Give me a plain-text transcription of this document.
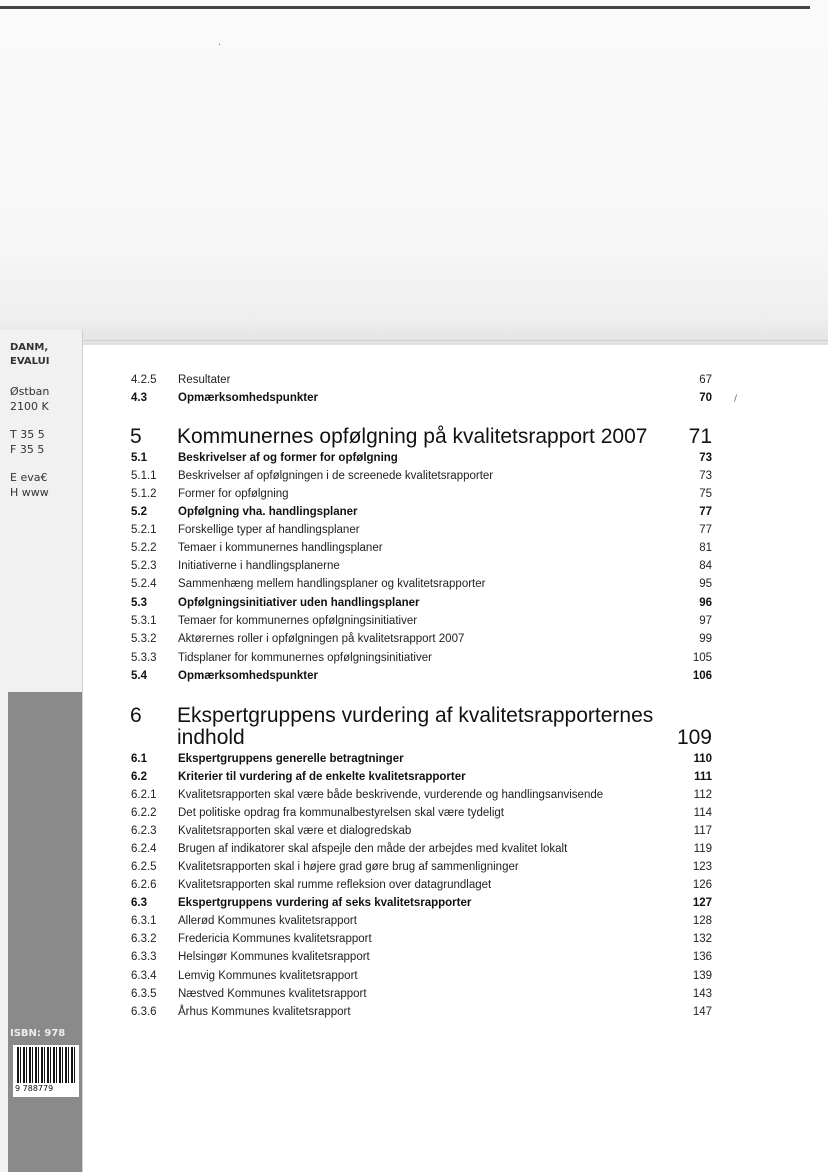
·
DANM,
EVALUI
Østban
2100 K
T 35 5
F 35 5
E eva€
H www
ISBN: 978
9 788779
4.2.5 Resultater	67
4.3	Opmærksomhedspunkter	70 /
5 Kommunernes opfølgning på kvalitetsrapport 2007 71
5.1	Beskrivelser af og former for opfølgning	73
5.1.1 Beskrivelser af opfølgningen i de screenede kvalitetsrapporter	73
5.1.2 Former for opfølgning	75
5.2	Opfølgning vha. handlingsplaner	77
5.2.1 Forskellige typer af handlingsplaner	77
5.2.2 Temaer i kommunernes handlingsplaner	81
5.2.3 Initiativerne i handlingsplanerne	84
5.2.4 Sammenhæng mellem handlingsplaner og kvalitetsrapporter	95
5.3	Opfølgningsinitiativer uden handlingsplaner	96
5.3.1 Temaer for kommunernes opfølgningsinitiativer	97
5.3.2 Aktørernes roller i opfølgningen på kvalitetsrapport 2007	99
5.3.3 Tidsplaner for kommunernes opfølgningsinitiativer	105
5.4	Opmærksomhedspunkter	106
6 Ekspertgruppens vurdering af kvalitetsrapporternes
indhold	109
6.1	Ekspertgruppens generelle betragtninger	110
6.2	Kriterier til vurdering af de enkelte kvalitetsrapporter	111
6.2.1 Kvalitetsrapporten skal være både beskrivende, vurderende og handlingsanvisende	112
6.2.2 Det politiske opdrag fra kommunalbestyrelsen skal være tydeligt	114
6.2.3 Kvalitetsrapporten skal være et dialogredskab	117
6.2.4 Brugen af indikatorer skal afspejle den måde der arbejdes med kvalitet lokalt	119
6.2.5 Kvalitetsrapporten skal i højere grad gøre brug af sammenligninger	123
6.2.6 Kvalitetsrapporten skal rumme refleksion over datagrundlaget	126
6.3	Ekspertgruppens vurdering af seks kvalitetsrapporter	127
6.3.1 Allerød Kommunes kvalitetsrapport	128
6.3.2 Fredericia Kommunes kvalitetsrapport	132
6.3.3 Helsingør Kommunes kvalitetsrapport	136
6.3.4 Lemvig Kommunes kvalitetsrapport	139
6.3.5 Næstved Kommunes kvalitetsrapport	143
6.3.6 Århus Kommunes kvalitetsrapport	147
